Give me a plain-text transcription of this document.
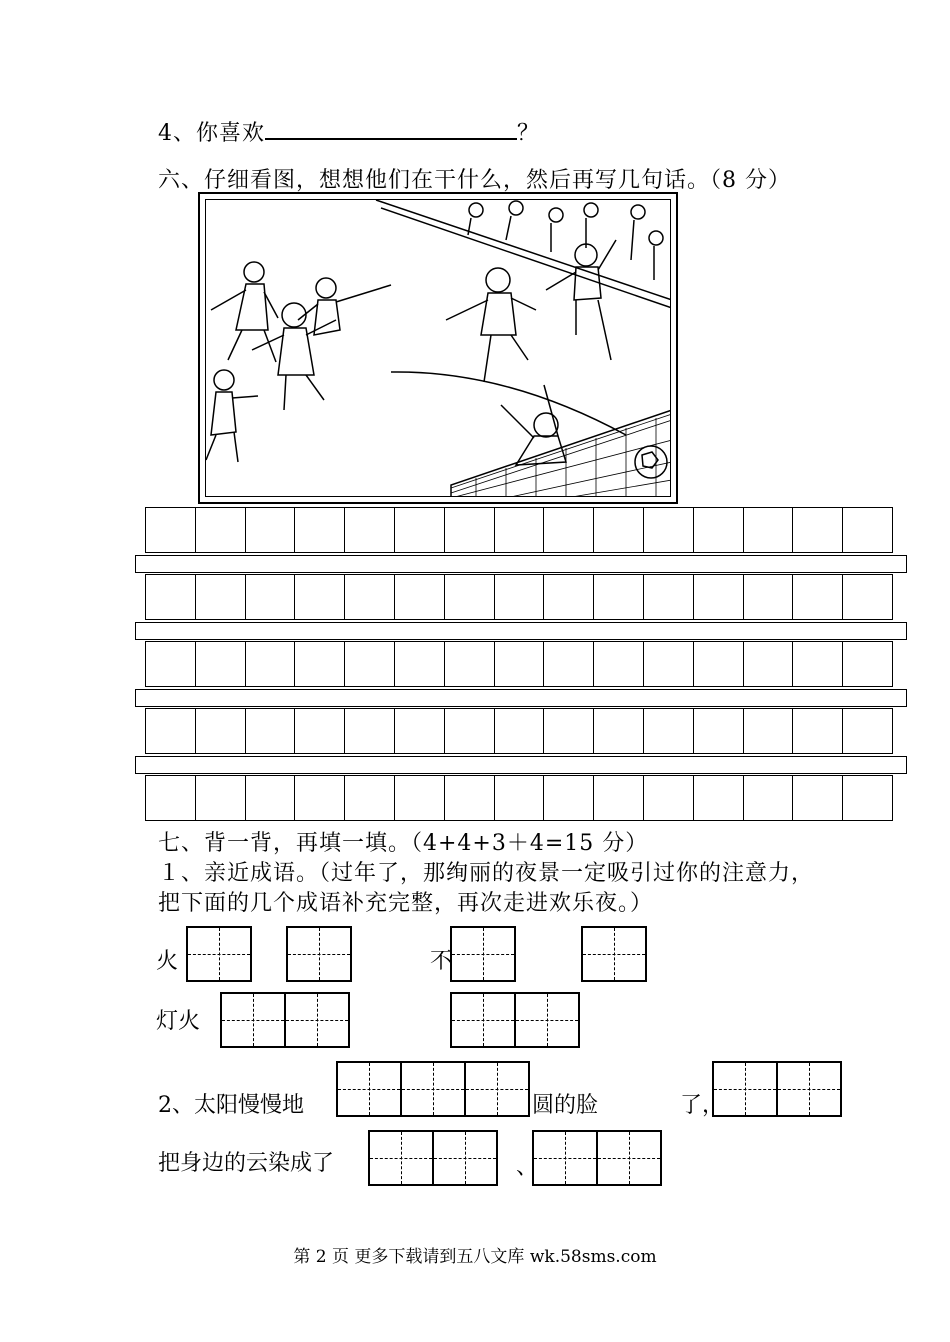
4、你喜欢	？
六、仔细看图，想想他们在干什么，然后再写几句话。（8 分）
七、背一背，再填一填。（4+4+3＋4=15 分）
１、亲近成语。（过年了，那绚丽的夜景一定吸引过你的注意力，
把下面的几个成语补充完整，再次走进欢乐夜。）
火	不
灯火
2、太阳慢慢地	圆的脸	了，
把身边的云染成了	、
第 2 页 更多下载请到五八文库 wk.58sms.com
